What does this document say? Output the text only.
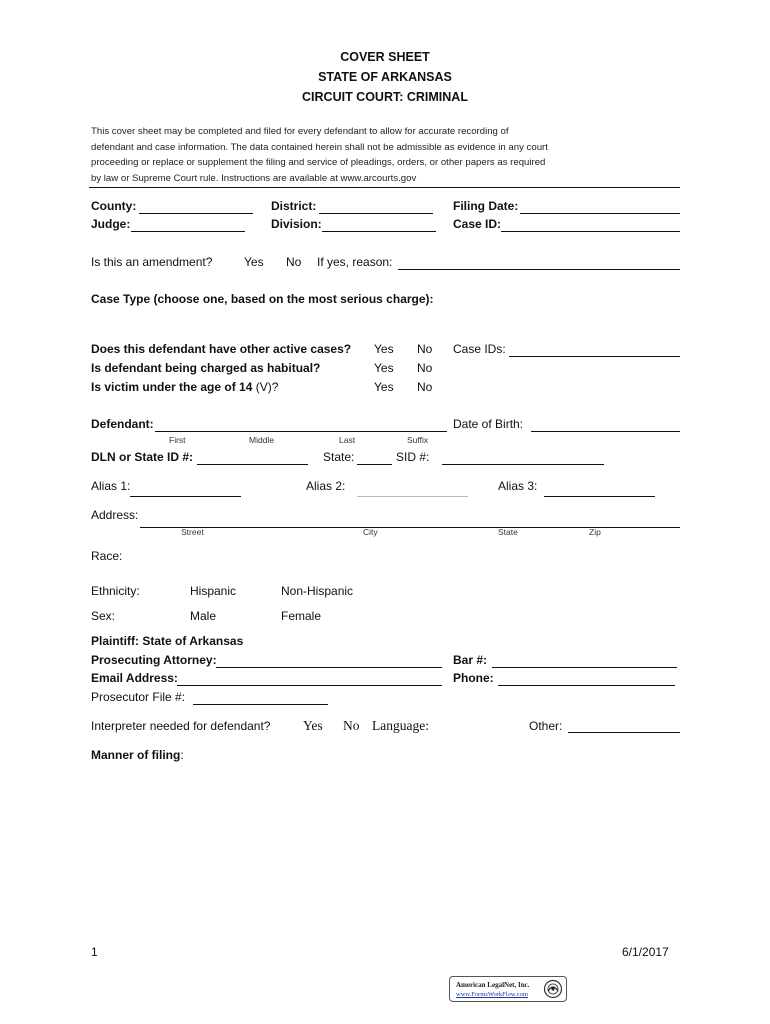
COVER SHEET
STATE OF ARKANSAS
CIRCUIT COURT: CRIMINAL
This cover sheet may be completed and filed for every defendant to allow for accurate recording of
defendant and case information. The data contained herein shall not be admissible as evidence in any court
proceeding or replace or supplement the filing and service of pleadings, orders, or other papers as required
by law or Supreme Court rule. Instructions are available at www.arcourts.gov
County:	District:	Filing Date:
Judge:	Division:	Case ID:
Is this an amendment?	Yes No If yes, reason:
Case Type (choose one, based on the most serious charge):
Does this defendant have other active cases? Yes No Case IDs:
Is defendant being charged as habitual?	Yes No
Is victim under the age of 14 (V)?	Yes No
Defendant:	Date of Birth:
First	Middle	Last	Suffix
DLN or State ID #:	State:	SID #:
Alias 1:	Alias 2:	Alias 3:
Address:
Street	City	State	Zip
Race:
Ethnicity:	Hispanic	Non-Hispanic
Sex:	Male	Female
Plaintiff: State of Arkansas
Prosecuting Attorney:	Bar #:
Email Address:	Phone:
Prosecutor File #:
Interpreter needed for defendant? Yes No Language:	Other:
Manner of filing:
1	6/1/2017
American LegalNet, Inc.
www.FormsWorkFlow.com
